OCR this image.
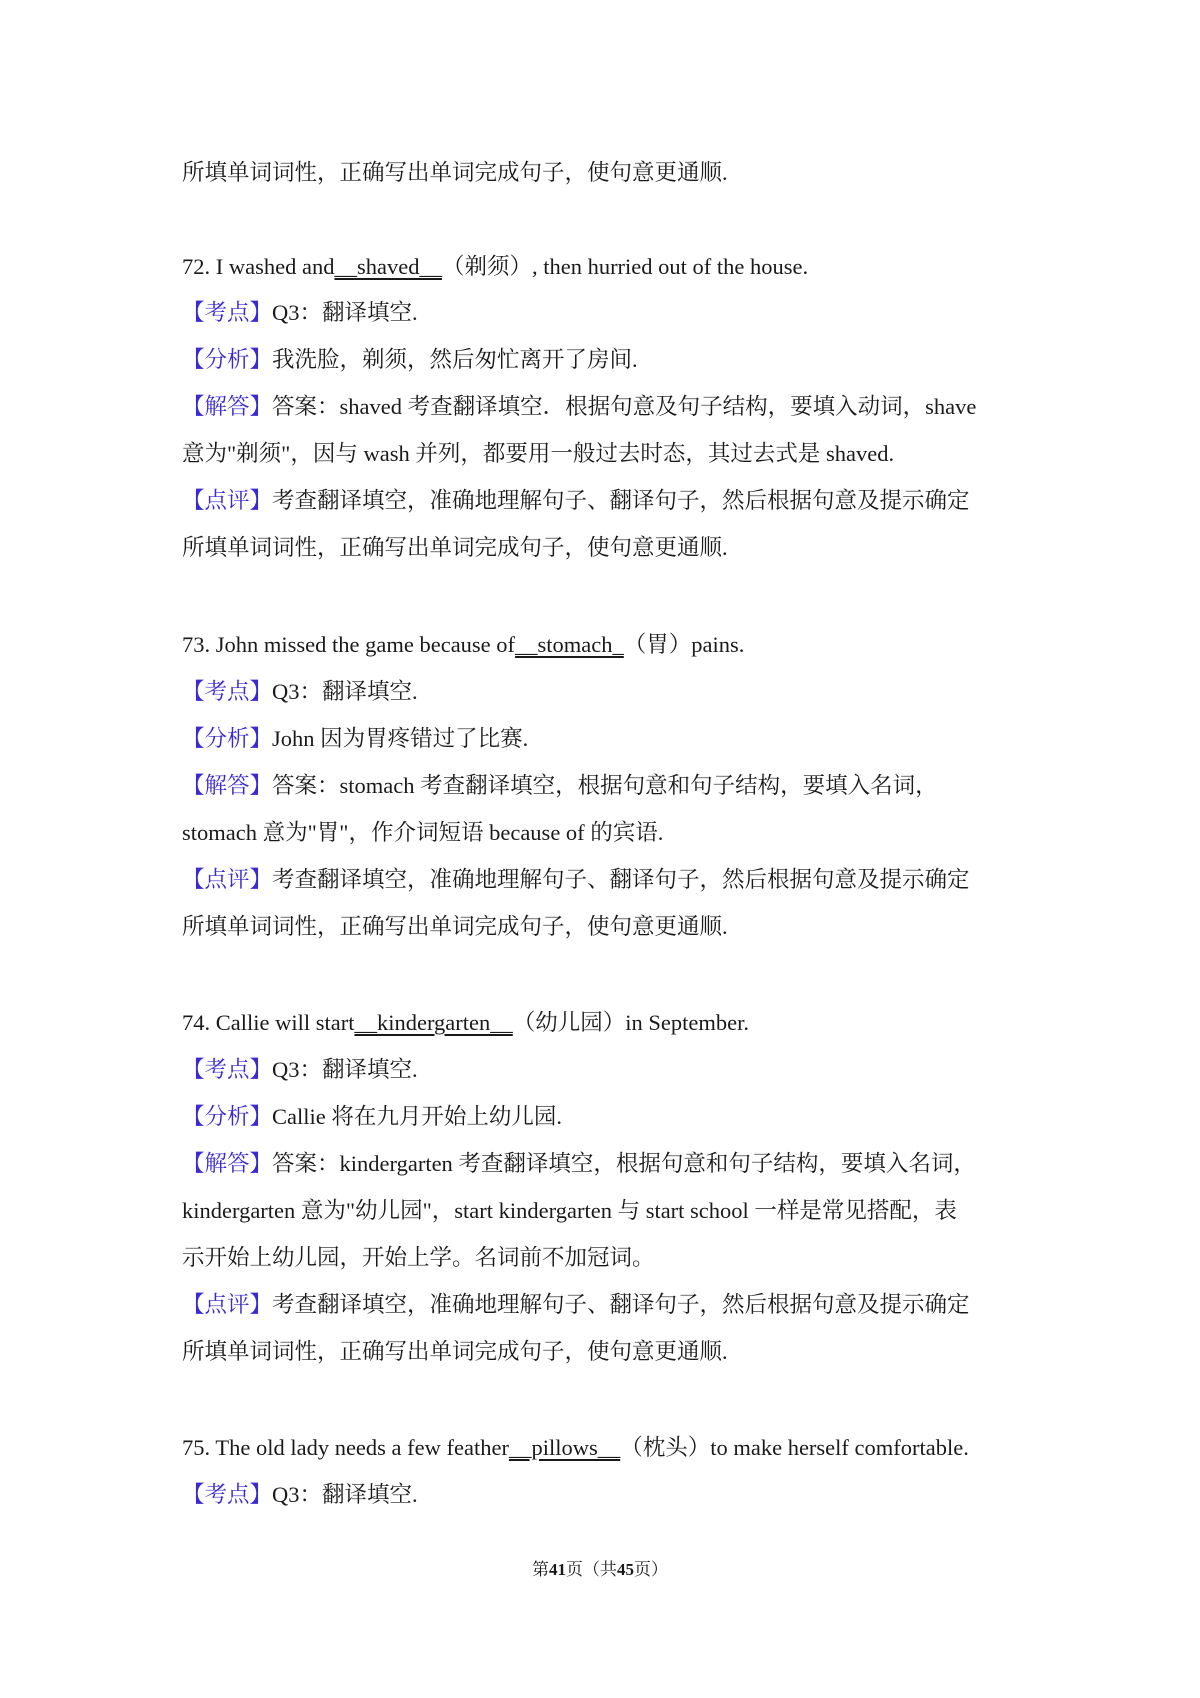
所填单词词性，正确写出单词完成句子，使句意更通顺.
72. I washed and__shaved__（剃须）, then hurried out of the house.
【考点】Q3：翻译填空.
【分析】我洗脸，剃须，然后匆忙离开了房间.
【解答】答案：shaved 考查翻译填空．根据句意及句子结构，要填入动词，shave
意为"剃须"，因与 wash 并列，都要用一般过去时态，其过去式是 shaved.
【点评】考查翻译填空，准确地理解句子、翻译句子，然后根据句意及提示确定
所填单词词性，正确写出单词完成句子，使句意更通顺.
73. John missed the game because of__stomach_（胃）pains.
【考点】Q3：翻译填空.
【分析】John 因为胃疼错过了比赛.
【解答】答案：stomach 考查翻译填空，根据句意和句子结构，要填入名词，
stomach 意为"胃"，作介词短语 because of 的宾语.
【点评】考查翻译填空，准确地理解句子、翻译句子，然后根据句意及提示确定
所填单词词性，正确写出单词完成句子，使句意更通顺.
74. Callie will start__kindergarten__（幼儿园）in September.
【考点】Q3：翻译填空.
【分析】Callie 将在九月开始上幼儿园.
【解答】答案：kindergarten 考查翻译填空，根据句意和句子结构，要填入名词，
kindergarten 意为"幼儿园"，start kindergarten 与 start school 一样是常见搭配，表
示开始上幼儿园，开始上学。名词前不加冠词。
【点评】考查翻译填空，准确地理解句子、翻译句子，然后根据句意及提示确定
所填单词词性，正确写出单词完成句子，使句意更通顺.
75. The old lady needs a few feather__pillows__（枕头）to make herself comfortable.
【考点】Q3：翻译填空.
第41页（共45页）
